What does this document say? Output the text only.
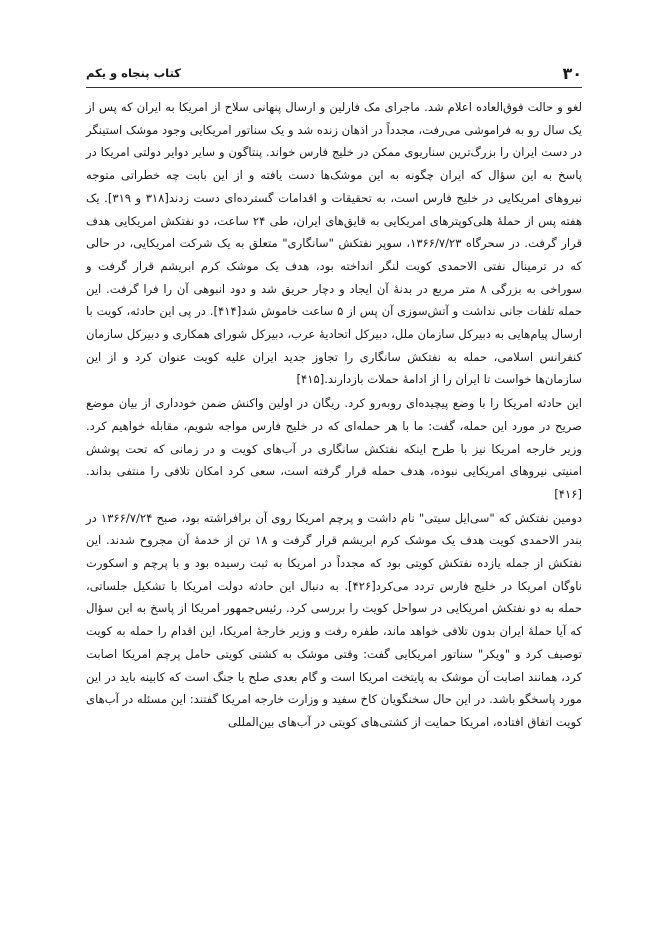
۳۰
کتاب پنجاه و یکم

لغو و حالت فوق‌العاده اعلام شد. ماجرای مک فارلین و ارسال پنهانی سلاح از امریکا به ایران که پس از یک سال رو به فراموشی می‌رفت، مجدداً در اذهان زنده شد و یک سناتور امریکایی وجود موشک استینگر در دست ایران را بزرگ‌ترین سناریوی ممکن در خلیج فارس خواند. پنتاگون و سایر دوایر دولتی امریکا در پاسخ به این سؤال که ایران چگونه به این موشک‌ها دست یافته و از این بابت چه خطراتی متوجه نیروهای امریکایی در خلیج فارس است، به تحقیقات و اقدامات گسترده‌ای دست زدند[۳۱۸ و ۳۱۹]. یک هفته پس از حملهٔ هلی‌کوپترهای امریکایی به قایق‌های ایران، طی ۲۴ ساعت، دو نفتکش امریکایی هدف قرار گرفت. در سحرگاه ۱۳۶۶/۷/۲۳، سوپر نفتکش "سانگاری" متعلق به یک شرکت امریکایی، در حالی که در ترمینال نفتی الاحمدی کویت لنگر انداخته بود، هدف یک موشک کرم ابریشم قرار گرفت و سوراخی به بزرگی ۸ متر مربع در بدنهٔ آن ایجاد و دچار حریق شد و دود انبوهی آن را فرا گرفت. این حمله تلفات جانی نداشت و آتش‌سوزی آن پس از ۵ ساعت خاموش شد[۴۱۴]. در پی این حادثه، کویت با ارسال پیام‌هایی به دبیرکل سازمان ملل، دبیرکل اتحادیهٔ عرب، دبیرکل شورای همکاری و دبیرکل سازمان کنفرانس اسلامی، حمله به نفتکش سانگاری را تجاوز جدید ایران علیه کویت عنوان کرد و از این سازمان‌ها خواست تا ایران را از ادامهٔ حملات بازدارند.[۴۱۵]

این حادثه امریکا را با وضع پیچیده‌ای روبه‌رو کرد. ریگان در اولین واکنش ضمن خودداری از بیان موضع صریح در مورد این حمله، گفت: ما با هر حمله‌ای که در خلیج فارس مواجه شویم، مقابله خواهیم کرد. وزیر خارجه امریکا نیز با طرح اینکه نفتکش سانگاری در آب‌های کویت و در زمانی که تحت پوشش امنیتی نیروهای امریکایی نبوده، هدف حمله قرار گرفته است، سعی کرد امکان تلافی را منتفی بداند.[۴۱۶]

دومین نفتکش که "سی‌ایل سیتی" نام داشت و پرچم امریکا روی آن برافراشته بود، صبح ۱۳۶۶/۷/۲۴ در بندر الاحمدی کویت هدف یک موشک کرم ابریشم قرار گرفت و ۱۸ تن از خدمهٔ آن مجروح شدند. این نفتکش از جمله یازده نفتکش کویتی بود که مجدداً در امریکا به ثبت رسیده بود و با پرچم و اسکورت ناوگان امریکا در خلیج فارس تردد می‌کرد[۴۲۶]. به دنبال این حادثه دولت امریکا با تشکیل جلساتی، حمله به دو نفتکش امریکایی در سواحل کویت را بررسی کرد. رئیس‌جمهور امریکا از پاسخ به این سؤال که آیا حملهٔ ایران بدون تلافی خواهد ماند، طفره رفت و وزیر خارجهٔ امریکا، این اقدام را حمله به کویت توصیف کرد و "ویکر" سناتور امریکایی گفت: وقتی موشک به کشتی کویتی حامل پرچم امریکا اصابت کرد، همانند اصابت آن موشک به پایتخت امریکا است و گام بعدی صلح یا جنگ است که کابینه باید در این مورد پاسخگو باشد. در این حال سخنگویان کاخ سفید و وزارت خارجه امریکا گفتند: این مسئله در آب‌های کویت اتفاق افتاده، امریکا حمایت از کشتی‌های کویتی در آب‌های بین‌المللی
